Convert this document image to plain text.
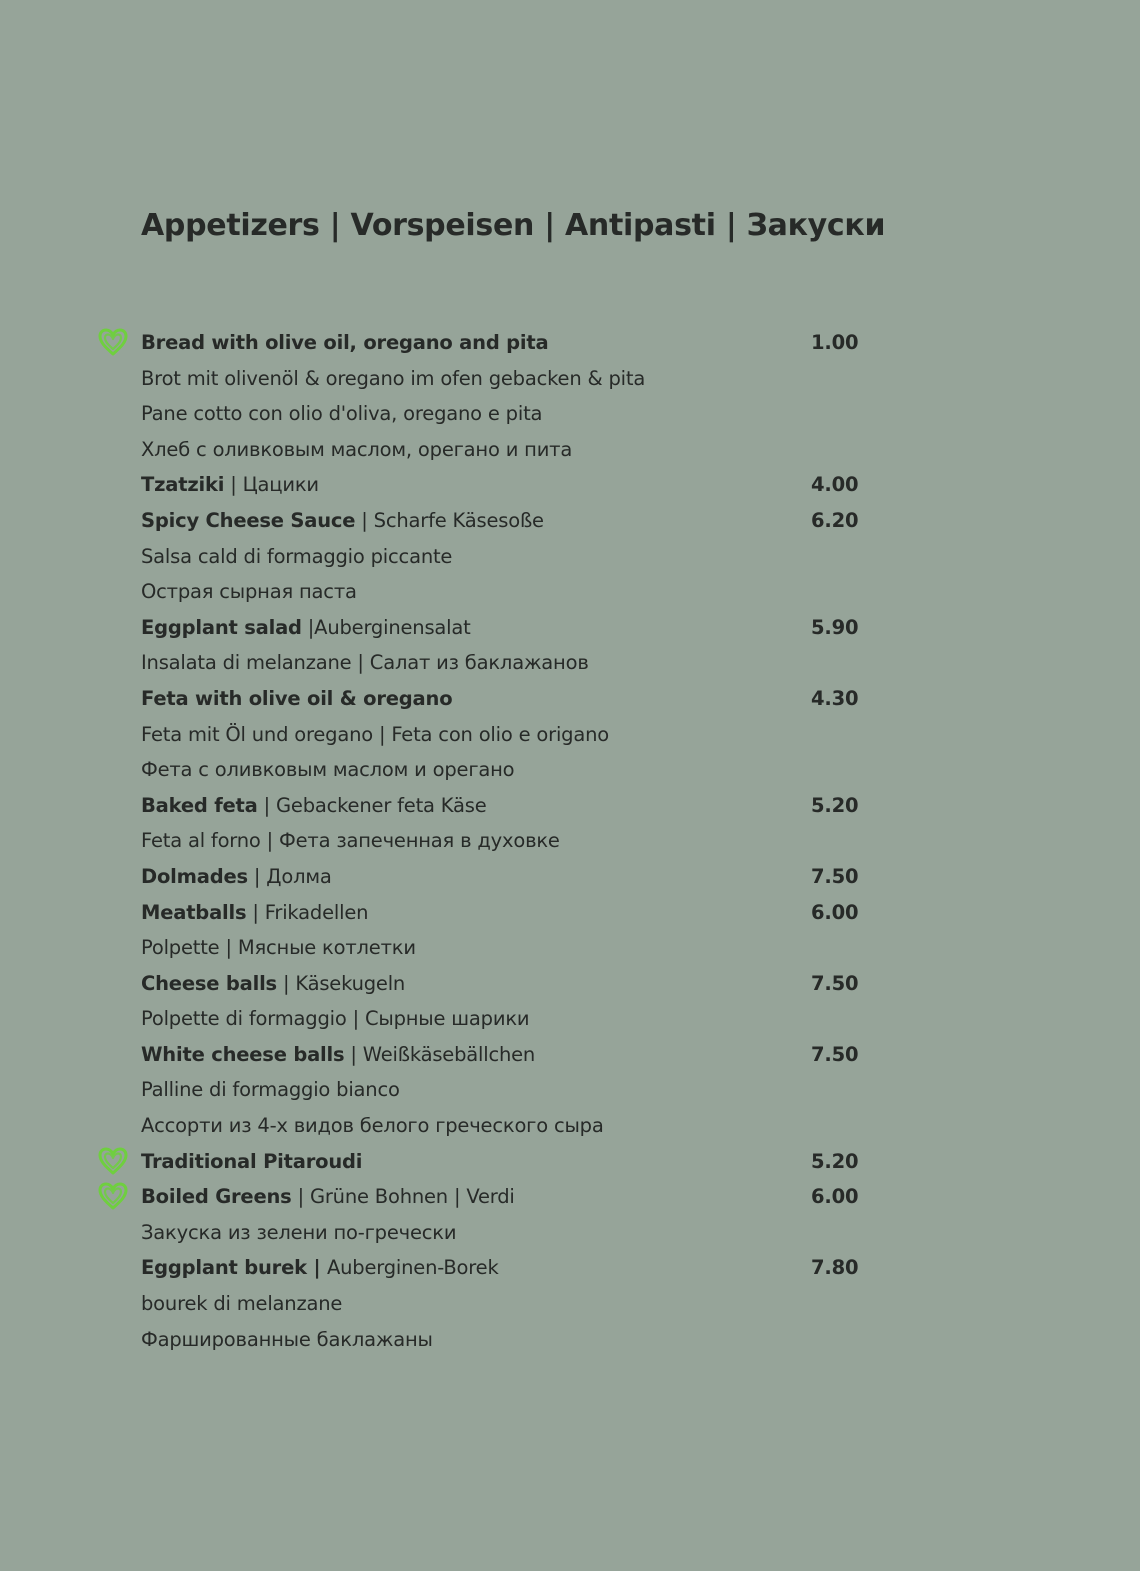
Appetizers | Vorspeisen | Antipasti | Закуски
Bread with olive oil, oregano and pita	1.00
Brot mit olivenöl & oregano im ofen gebacken & pita
Pane cotto con olio d'oliva, oregano e pita
Хлеб с оливковым маслом, орегано и пита
Tzatziki | Цацики	4.00
Spicy Cheese Sauce | Scharfe Käsesoße	6.20
Salsa cald di formaggio piccante
Острая сырная паста
Eggplant salad |Auberginensalat	5.90
Insalata di melanzane | Салат из баклажанов
Feta with olive oil & oregano	4.30
Feta mit Öl und oregano | Feta con olio e origano
Фета с оливковым маслом и орегано
Baked feta | Gebackener feta Käse	5.20
Feta al forno | Фета запеченная в духовке
Dolmades | Долма	7.50
Meatballs | Frikadellen	6.00
Polpette | Мясные котлетки
Cheese balls | Käsekugeln	7.50
Polpette di formaggio | Сырные шарики
White cheese balls | Weißkäsebällchen	7.50
Palline di formaggio bianco
Ассорти из 4-х видов белого греческого сыра
Traditional Pitaroudi	5.20
Boiled Greens | Grüne Bohnen | Verdi	6.00
Закуска из зелени по-гречески
Eggplant burek | Auberginen-Borek	7.80
bourek di melanzane
Фаршированные баклажаны
